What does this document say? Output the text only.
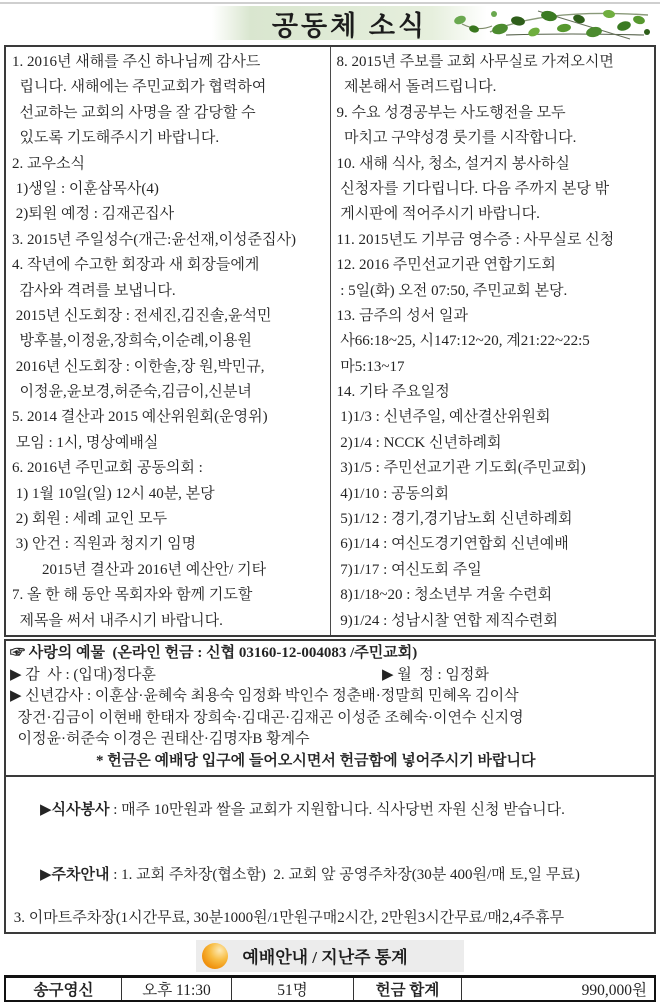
공동체 소식
1. 2016년 새해를 주신 하나님께 감사드
립니다. 새해에는 주민교회가 협력하여
선교하는 교회의 사명을 잘 감당할 수
있도록 기도해주시기 바랍니다.
2. 교우소식
1)생일 : 이훈삼목사(4)
2)퇴원 예정 : 김재곤집사
3. 2015년 주일성수(개근:윤선재,이성준집사)
4. 작년에 수고한 회장과 새 회장들에게
감사와 격려를 보냅니다.
2015년 신도회장 : 전세진,김진솔,윤석민
방후불,이정윤,장희숙,이순례,이용원
2016년 신도회장 : 이한솔,장 원,박민규,
이정윤,윤보경,허준숙,김금이,신분녀
5. 2014 결산과 2015 예산위원회(운영위)
모임 : 1시, 명상예배실
6. 2016년 주민교회 공동의회 :
1) 1월 10일(일) 12시 40분, 본당
2) 회원 : 세례 교인 모두
3) 안건 : 직원과 청지기 임명
2015년 결산과 2016년 예산안/ 기타
7. 올 한 해 동안 목회자와 함께 기도할
제목을 써서 내주시기 바랍니다.
8. 2015년 주보를 교회 사무실로 가져오시면
제본해서 돌려드립니다.
9. 수요 성경공부는 사도행전을 모두
마치고 구약성경 룻기를 시작합니다.
10. 새해 식사, 청소, 설거지 봉사하실
신청자를 기다립니다. 다음 주까지 본당 밖
게시판에 적어주시기 바랍니다.
11. 2015년도 기부금 영수증 : 사무실로 신청
12. 2016 주민선교기관 연합기도회
: 5일(화) 오전 07:50, 주민교회 본당.
13. 금주의 성서 일과
사66:18~25, 시147:12~20, 계21:22~22:5
마5:13~17
14. 기타 주요일정
1)1/3 : 신년주일, 예산결산위원회
2)1/4 : NCCK 신년하례회
3)1/5 : 주민선교기관 기도회(주민교회)
4)1/10 : 공동의회
5)1/12 : 경기,경기남노회 신년하례회
6)1/14 : 여신도경기연합회 신년예배
7)1/17 : 여신도회 주일
8)1/18~20 : 청소년부 겨울 수련회
9)1/24 : 성남시찰 연합 제직수련회
☞ 사랑의 예물  (온라인 헌금 : 신협 03160-12-004083 /주민교회)
▶ 감  사 : (입대)정다훈	▶ 월  정 : 임정화
▶ 신년감사 : 이훈삼·윤혜숙 최용숙 임정화 박인수 정춘배·정말희 민혜옥 김이삭
장건·김금이 이현배 한태자 장희숙·김대곤·김재곤 이성준 조혜숙·이연수 신지영
이정윤·허준숙 이경은 권태산·김명자B 황계수
* 헌금은 예배당 입구에 들어오시면서 헌금함에 넣어주시기 바랍니다

▶식사봉사 : 매주 10만원과 쌀을 교회가 지원합니다. 식사당번 자원 신청 받습니다.

▶주차안내 : 1. 교회 주차장(협소함)  2. 교회 앞 공영주차장(30분 400원/매 토,일 무료)

3. 이마트주차장(1시간무료, 30분1000원/1만원구매2시간, 2만원3시간무료/매2,4주휴무
예배안내 / 지난주 통계
송구영신	오후 11:30	51명	헌금 합계	990,000원
